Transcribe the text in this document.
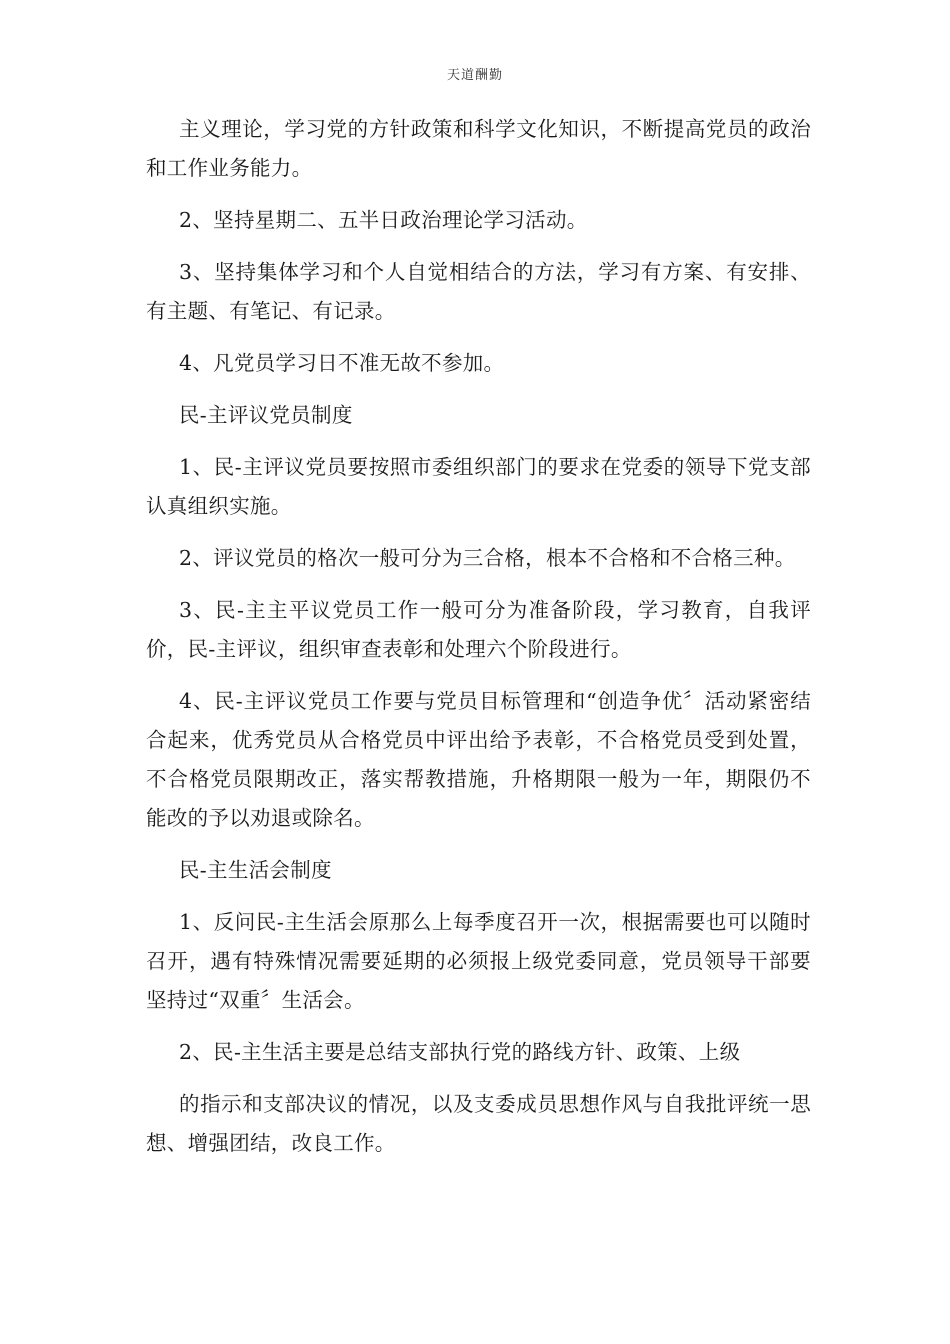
天道酬勤

主义理论，学习党的方针政策和科学文化知识，不断提高党员的政治和工作业务能力。

2、坚持星期二、五半日政治理论学习活动。

3、坚持集体学习和个人自觉相结合的方法，学习有方案、有安排、有主题、有笔记、有记录。

4、凡党员学习日不准无故不参加。

民-主评议党员制度

1、民-主评议党员要按照市委组织部门的要求在党委的领导下党支部认真组织实施。

2、评议党员的格次一般可分为三合格，根本不合格和不合格三种。

3、民-主主平议党员工作一般可分为准备阶段，学习教育，自我评价，民-主评议，组织审查表彰和处理六个阶段进行。

4、民-主评议党员工作要与党员目标管理和“创造争优〞活动紧密结合起来，优秀党员从合格党员中评出给予表彰，不合格党员受到处置，不合格党员限期改正，落实帮教措施，升格期限一般为一年，期限仍不能改的予以劝退或除名。

民-主生活会制度

1、反问民-主生活会原那么上每季度召开一次，根据需要也可以随时召开，遇有特殊情况需要延期的必须报上级党委同意，党员领导干部要坚持过“双重〞生活会。

2、民-主生活主要是总结支部执行党的路线方针、政策、上级

的指示和支部决议的情况，以及支委成员思想作风与自我批评统一思想、增强团结，改良工作。
